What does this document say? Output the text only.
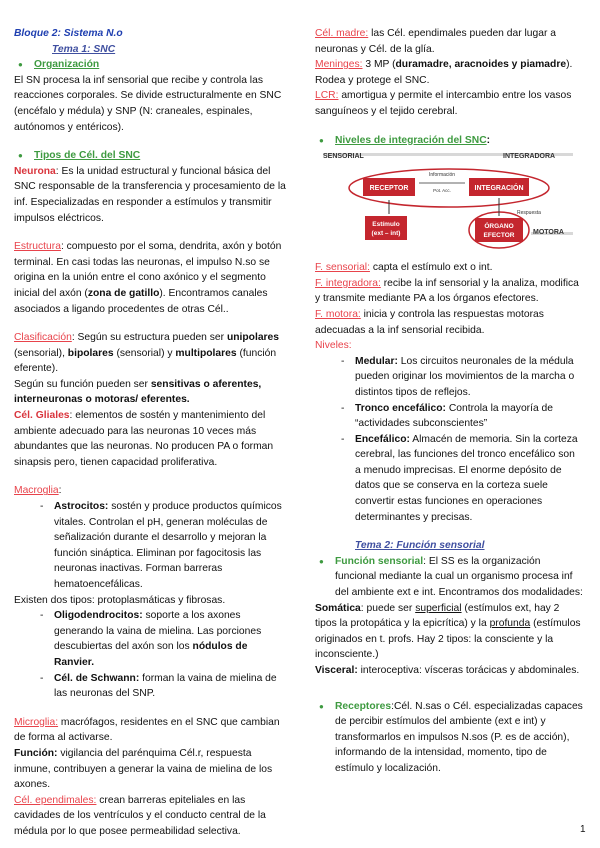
Bloque 2: Sistema N.o

Tema 1: SNC

● Organización

El SN procesa la inf sensorial que recibe y controla las reacciones corporales. Se divide estructuralmente en SNC (encéfalo y médula) y SNP (N: craneales, espinales, autónomos y entéricos).

● Tipos de Cél. del SNC

Neurona: Es la unidad estructural y funcional básica del SNC responsable de la transferencia y procesamiento de la inf. Especializadas en responder a estímulos y transmitir impulsos eléctricos.

Estructura: compuesto por el soma, dendrita, axón y botón terminal. En casi todas las neuronas, el impulso N.so se origina en la unión entre el cono axónico y el segmento inicial del axón (zona de gatillo). Encontramos canales asociados a ligando procedentes de otras Cél..

Clasificación: Según su estructura pueden ser unipolares (sensorial), bipolares (sensorial) y multipolares (función eferente).

Según su función pueden ser sensitivas o aferentes, interneuronas o motoras/ eferentes.

Cél. Gliales: elementos de sostén y mantenimiento del ambiente adecuado para las neuronas 10 veces más abundantes que las neuronas. No producen PA o forman sinapsis pero, tienen capacidad proliferativa.

Macroglia:

- Astrocitos: sostén y produce productos químicos vitales. Controlan el pH, generan moléculas de señalización durante el desarrollo y mejoran la función sináptica. Eliminan por fagocitosis las neuronas inactivas. Forman barreras hematoencefálicas.

Existen dos tipos: protoplasmáticas y fibrosas.

- Oligodendrocitos: soporte a los axones generando la vaina de mielina. Las porciones descubiertas del axón son los nódulos de Ranvier.

- Cél. de Schwann: forman la vaina de mielina de las neuronas del SNP.

Microglia: macrófagos, residentes en el SNC que cambian de forma al activarse.

Función: vigilancia del parénquima Cél.r, respuesta inmune, contribuyen a generar la vaina de mielina de los axones.

Cél. ependimales: crean barreras epiteliales en las cavidades de los ventrículos y el conducto central de la médula por lo que posee permeabilidad selectiva.

Cél. madre: las Cél. ependimales pueden dar lugar a neuronas y Cél. de la glía.

Meninges: 3 MP (duramadre, aracnoides y piamadre). Rodea y protege el SNC.

LCR: amortigua y permite el intercambio entre los vasos sanguíneos y el tejido cerebral.

● Niveles de integración del SNC:

SENSORIAL	INTEGRADORA
RECEPTOR	INTEGRACIÓN
Información
Pot. Acc.
Respuesta
Estímulo
(ext – int)
ÓRGANO
EFECTOR	MOTORA

F. sensorial: capta el estímulo ext o int.

F. integradora: recibe la inf sensorial y la analiza, modifica y transmite mediante PA a los órganos efectores.

F. motora: inicia y controla las respuestas motoras adecuadas a la inf sensorial recibida.

Niveles:

- Medular: Los circuitos neuronales de la médula pueden originar los movimientos de la marcha o distintos tipos de reflejos.

- Tronco encefálico: Controla la mayoría de “actividades subconscientes”

- Encefálico: Almacén de memoria. Sin la corteza cerebral, las funciones del tronco encefálico son a menudo imprecisas. El enorme depósito de datos que se conserva en la corteza suele convertir estas funciones en operaciones determinantes y precisas.

Tema 2: Función sensorial

● Función sensorial: El SS es la organización funcional mediante la cual un organismo procesa inf del ambiente ext e int. Encontramos dos modalidades:

Somática: puede ser superficial (estímulos ext, hay 2 tipos la protopática y la epicrítica) y la profunda (estímulos originados en t. profs. Hay 2 tipos: la consciente y la inconsciente.)

Visceral: interoceptiva: vísceras torácicas y abdominales.

● Receptores:Cél. N.sas o Cél. especializadas capaces de percibir estímulos del ambiente (ext e int) y transformarlos en impulsos N.sos (P. es de acción), informando de la intensidad, momento, tipo de estímulo y localización.

1
